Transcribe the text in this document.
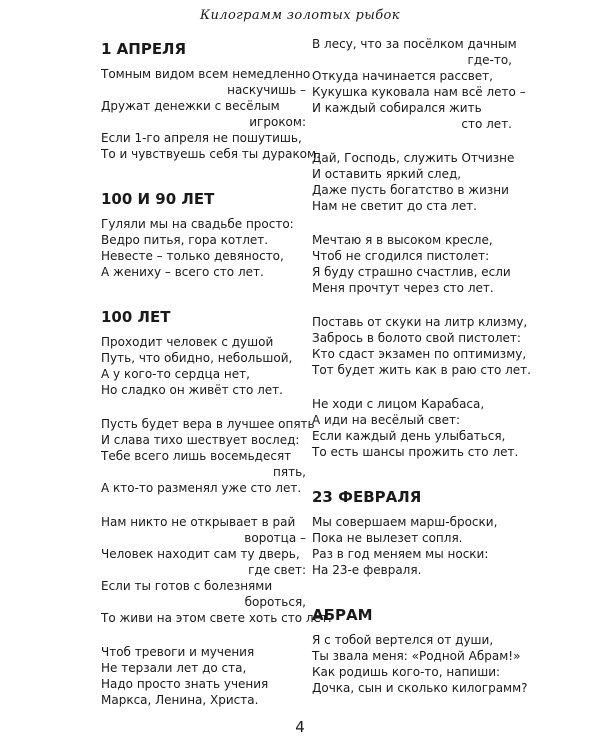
Килограмм золотых рыбок
1 АПРЕЛЯ
Томным видом всем немедленно
наскучишь –
Дружат денежки с весёлым
игроком:
Если 1-го апреля не пошутишь,
То и чувствуешь себя ты дураком.
100 И 90 ЛЕТ
Гуляли мы на свадьбе просто:
Ведро питья, гора котлет.
Невесте – только девяносто,
А жениху – всего сто лет.
100 ЛЕТ
Проходит человек с душой
Путь, что обидно, небольшой,
А у кого-то сердца нет,
Но сладко он живёт сто лет.
Пусть будет вера в лучшее опять
И слава тихо шествует вослед:
Тебе всего лишь восемьдесят
пять,
А кто-то разменял уже сто лет.
Нам никто не открывает в рай
воротца –
Человек находит сам ту дверь,
где свет:
Если ты готов с болезнями
бороться,
То живи на этом свете хоть сто лет.
Чтоб тревоги и мучения
Не терзали лет до ста,
Надо просто знать учения
Маркса, Ленина, Христа.
В лесу, что за посёлком дачным
где-то,
Откуда начинается рассвет,
Кукушка куковала нам всё лето –
И каждый собирался жить
сто лет.
Дай, Господь, служить Отчизне
И оставить яркий след,
Даже пусть богатство в жизни
Нам не светит до ста лет.
Мечтаю я в высоком кресле,
Чтоб не сгодился пистолет:
Я буду страшно счастлив, если
Меня прочтут через сто лет.
Поставь от скуки на литр клизму,
Заброcь в болото свой пистолет:
Кто сдаст экзамен по оптимизму,
Тот будет жить как в раю сто лет.
Не ходи с лицом Карабаса,
А иди на весёлый свет:
Если каждый день улыбаться,
То есть шансы прожить сто лет.
23 ФЕВРАЛЯ
Мы совершаем марш-броски,
Пока не вылезет сопля.
Раз в год меняем мы носки:
На 23-е февраля.
АБРАМ
Я с тобой вертелся от души,
Ты звала меня: «Родной Абрам!»
Как родишь кого-то, напиши:
Дочка, сын и сколько килограмм?
4
